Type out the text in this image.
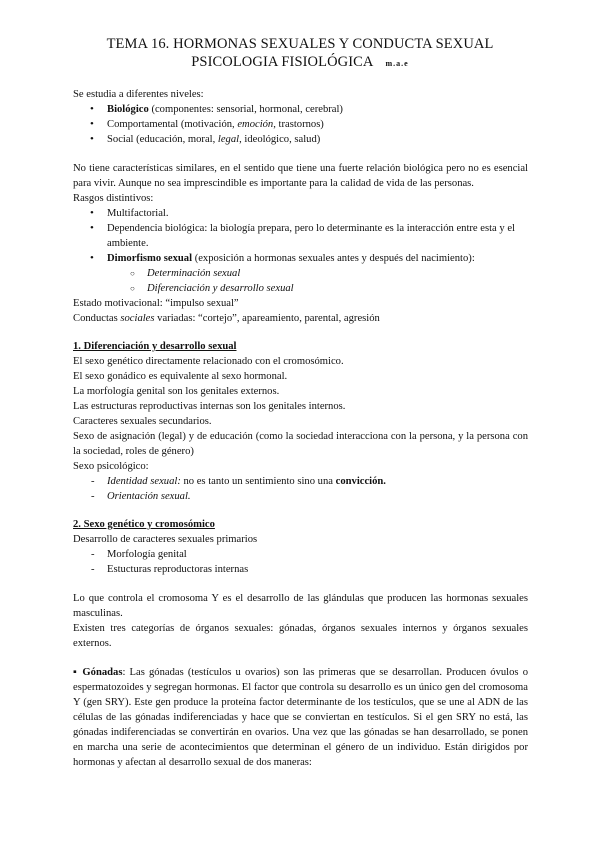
TEMA 16. HORMONAS SEXUALES Y CONDUCTA SEXUAL
PSICOLOGIA FISIOLÓGICA m.a.e

Se estudia a diferentes niveles:

• Biológico (componentes: sensorial, hormonal, cerebral)
• Comportamental (motivación, emoción, trastornos)
• Social (educación, moral, legal, ideológico, salud)

No tiene características similares, en el sentido que tiene una fuerte relación biológica pero no es esencial para vivir. Aunque no sea imprescindible es importante para la calidad de vida de las personas.

Rasgos distintivos:

• Multifactorial.
• Dependencia biológica: la biología prepara, pero lo determinante es la interacción entre esta y el ambiente.
• Dimorfismo sexual (exposición a hormonas sexuales antes y después del nacimiento):
○ Determinación sexual
○ Diferenciación y desarrollo sexual

Estado motivacional: “impulso sexual”

Conductas sociales variadas: “cortejo”, apareamiento, parental, agresión

1. Diferenciación y desarrollo sexual

El sexo genético directamente relacionado con el cromosómico.

El sexo gonádico es equivalente al sexo hormonal.

La morfología genital son los genitales externos.

Las estructuras reproductivas internas son los genitales internos.

Caracteres sexuales secundarios.

Sexo de asignación (legal) y de educación (como la sociedad interacciona con la persona, y la persona con la sociedad, roles de género)

Sexo psicológico:

- Identidad sexual: no es tanto un sentimiento sino una convicción.
- Orientación sexual.

2. Sexo genético y cromosómico

Desarrollo de caracteres sexuales primarios

- Morfología genital
- Estucturas reproductoras internas

Lo que controla el cromosoma Y es el desarrollo de las glándulas que producen las hormonas sexuales masculinas.

Existen tres categorías de órganos sexuales: gónadas, órganos sexuales internos y órganos sexuales externos.

▪ Gónadas: Las gónadas (testículos u ovarios) son las primeras que se desarrollan. Producen óvulos o espermatozoides y segregan hormonas. El factor que controla su desarrollo es un único gen del cromosoma Y (gen SRY). Este gen produce la proteína factor determinante de los testículos, que se une al ADN de las células de las gónadas indiferenciadas y hace que se conviertan en testículos. Si el gen SRY no está, las gónadas indiferenciadas se convertirán en ovarios. Una vez que las gónadas se han desarrollado, se ponen en marcha una serie de acontecimientos que determinan el género de un individuo. Están dirigidos por hormonas y afectan al desarrollo sexual de dos maneras:
